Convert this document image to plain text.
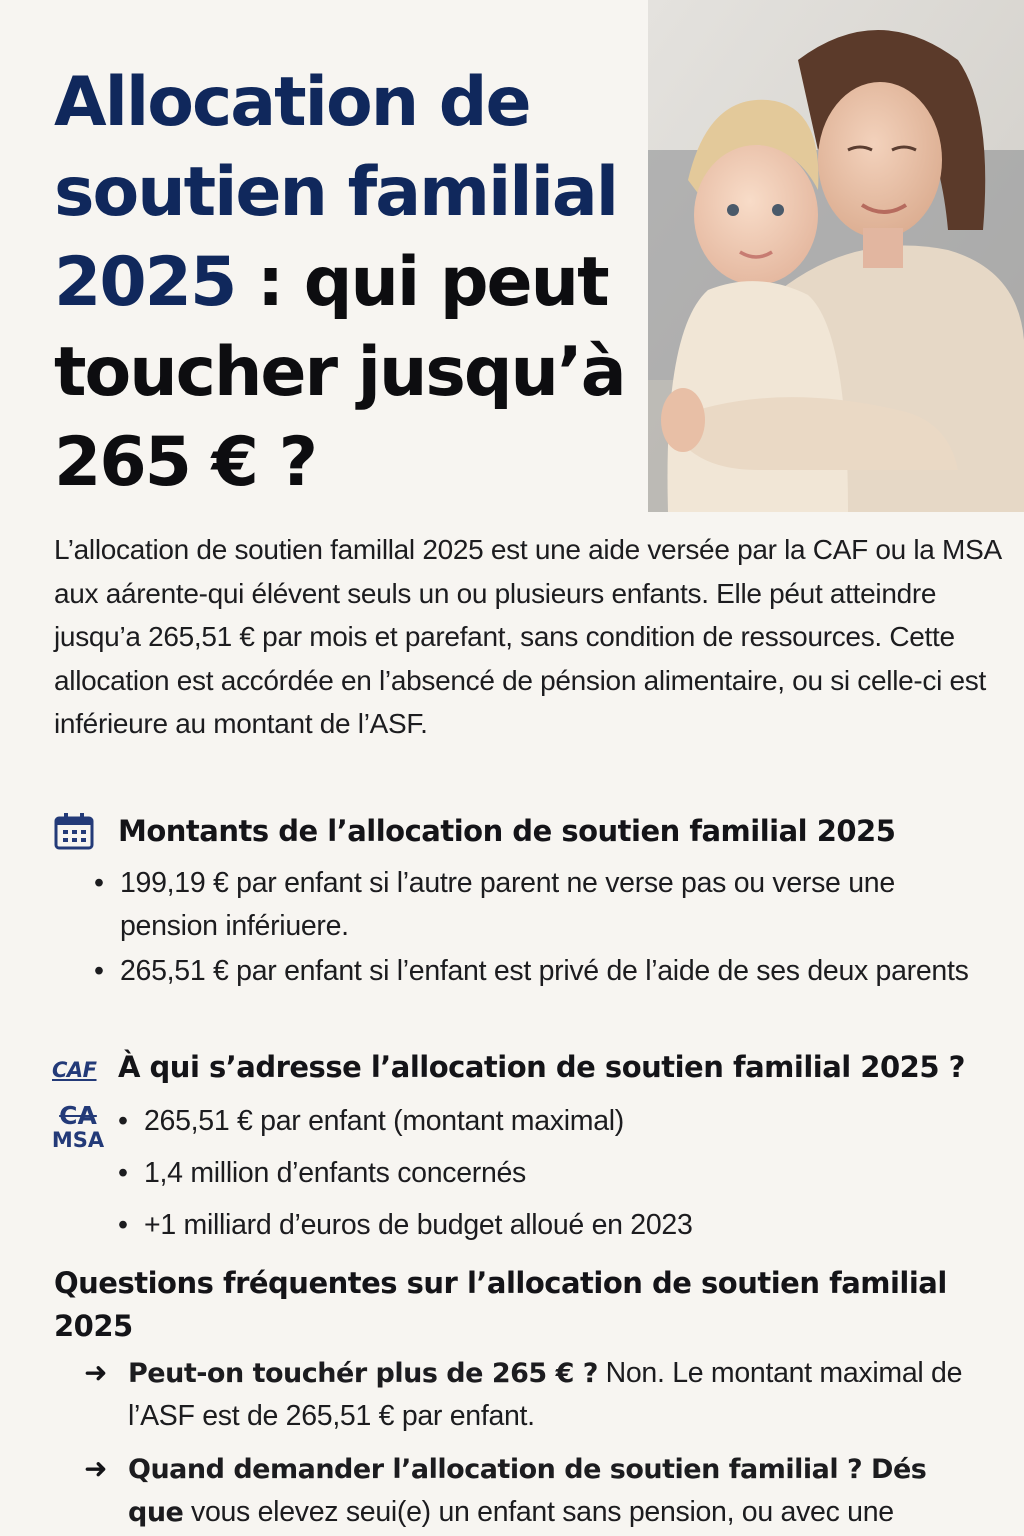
Allocation de soutien familial 2025 : qui peut toucher jusqu’à 265 € ?

L’allocation de soutien famillal 2025 est une aide versée par la CAF ou la MSA aux aárente-qui élévent seuls un ou plusieurs enfants. Elle péut atteindre jusqu’a 265,51 € par mois et parefant, sans condition de ressources. Cette allocation est accórdée en l’absencé de pénsion alimentaire, ou si celle-ci est inférieure au montant de l’ASF.

Montants de l’allocation de soutien familial 2025
• 199,19 € par enfant si l’autre parent ne verse pas ou verse une pension infériuere.
• 265,51 € par enfant si l’enfant est privé de l’aide de ses deux parents
CAF À qui s’adresse l’allocation de soutien familial 2025 ?
CA
MSA
• 265,51 € par enfant (montant maximal)
• 1,4 million d’enfants concernés
• +1 milliard d’euros de budget alloué en 2023
Questions fréquentes sur l’allocation de soutien familial 2025
➜ Peut-on touchér plus de 265 € ? Non. Le montant maximal de l’ASF est de 265,51 € par enfant.
➜ Quand demander l’allocation de soutien familial ? Dés que vous elevez seui(e) un enfant sans pension, ou avec une
